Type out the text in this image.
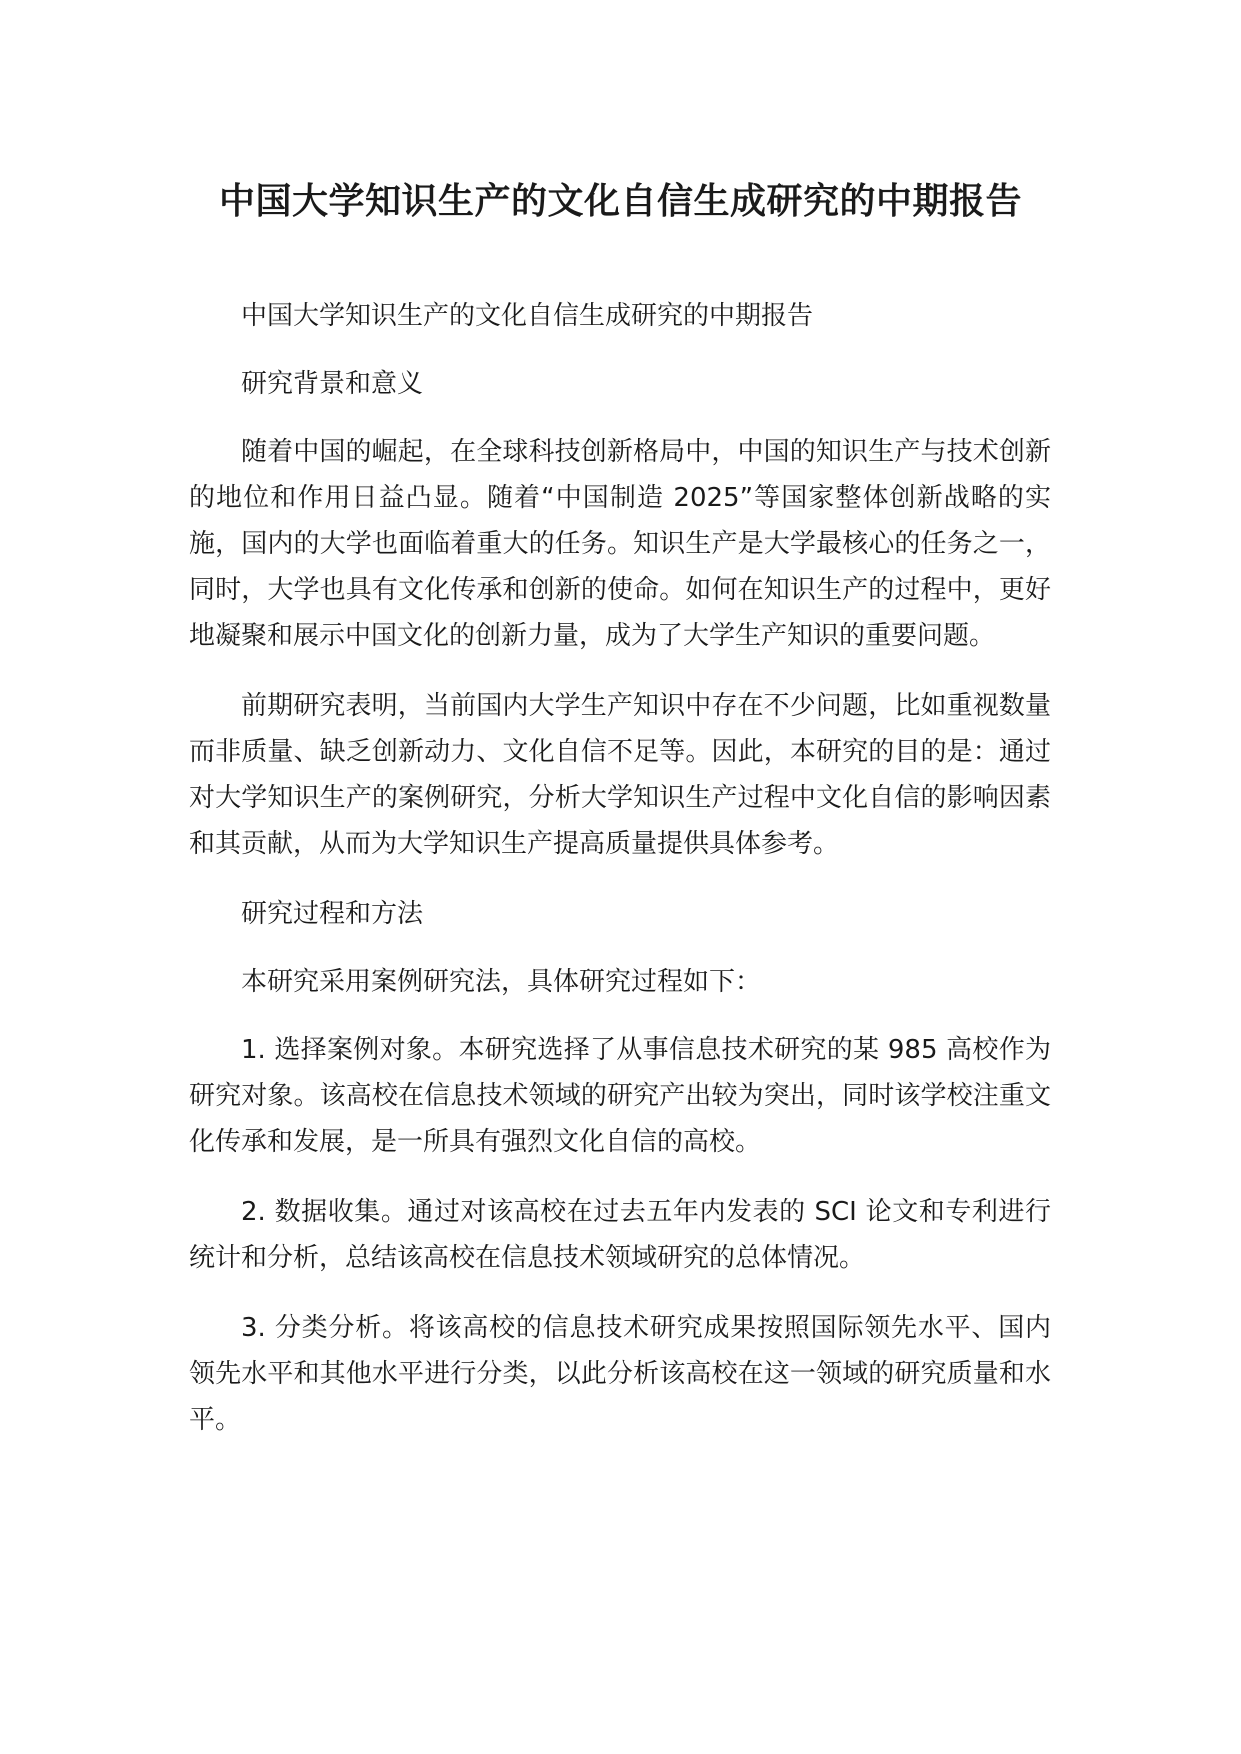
中国大学知识生产的文化自信生成研究的中期报告

中国大学知识生产的文化自信生成研究的中期报告

研究背景和意义

随着中国的崛起，在全球科技创新格局中，中国的知识生产与技术创新的地位和作用日益凸显。随着“中国制造 2025”等国家整体创新战略的实施，国内的大学也面临着重大的任务。知识生产是大学最核心的任务之一，同时，大学也具有文化传承和创新的使命。如何在知识生产的过程中，更好地凝聚和展示中国文化的创新力量，成为了大学生产知识的重要问题。

前期研究表明，当前国内大学生产知识中存在不少问题，比如重视数量而非质量、缺乏创新动力、文化自信不足等。因此，本研究的目的是：通过对大学知识生产的案例研究，分析大学知识生产过程中文化自信的影响因素和其贡献，从而为大学知识生产提高质量提供具体参考。

研究过程和方法

本研究采用案例研究法，具体研究过程如下：

1. 选择案例对象。本研究选择了从事信息技术研究的某 985 高校作为研究对象。该高校在信息技术领域的研究产出较为突出，同时该学校注重文化传承和发展，是一所具有强烈文化自信的高校。

2. 数据收集。通过对该高校在过去五年内发表的 SCI 论文和专利进行统计和分析，总结该高校在信息技术领域研究的总体情况。

3. 分类分析。将该高校的信息技术研究成果按照国际领先水平、国内领先水平和其他水平进行分类，以此分析该高校在这一领域的研究质量和水平。
